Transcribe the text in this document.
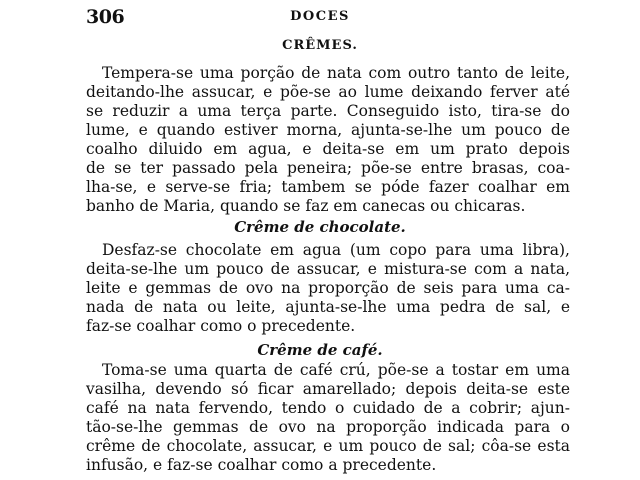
306	DOCES
CRÊMES.
Tempera-se uma porção de nata com outro tanto de leite,
deitando-lhe assucar, e põe-se ao lume deixando ferver até
se reduzir a uma terça parte. Conseguido isto, tira-se do
lume, e quando estiver morna, ajunta-se-lhe um pouco de
coalho diluido em agua, e deita-se em um prato depois
de se ter passado pela peneira; põe-se entre brasas, coa-
lha-se, e serve-se fria; tambem se póde fazer coalhar em
banho de Maria, quando se faz em canecas ou chicaras.
Crême de chocolate.
Desfaz-se chocolate em agua (um copo para uma libra),
deita-se-lhe um pouco de assucar, e mistura-se com a nata,
leite e gemmas de ovo na proporção de seis para uma ca-
nada de nata ou leite, ajunta-se-lhe uma pedra de sal, e
faz-se coalhar como o precedente.
Crême de café.
Toma-se uma quarta de café crú, põe-se a tostar em uma
vasilha, devendo só ficar amarellado; depois deita-se este
café na nata fervendo, tendo o cuidado de a cobrir; ajun-
tão-se-lhe gemmas de ovo na proporção indicada para o
crême de chocolate, assucar, e um pouco de sal; côa-se esta
infusão, e faz-se coalhar como a precedente.
